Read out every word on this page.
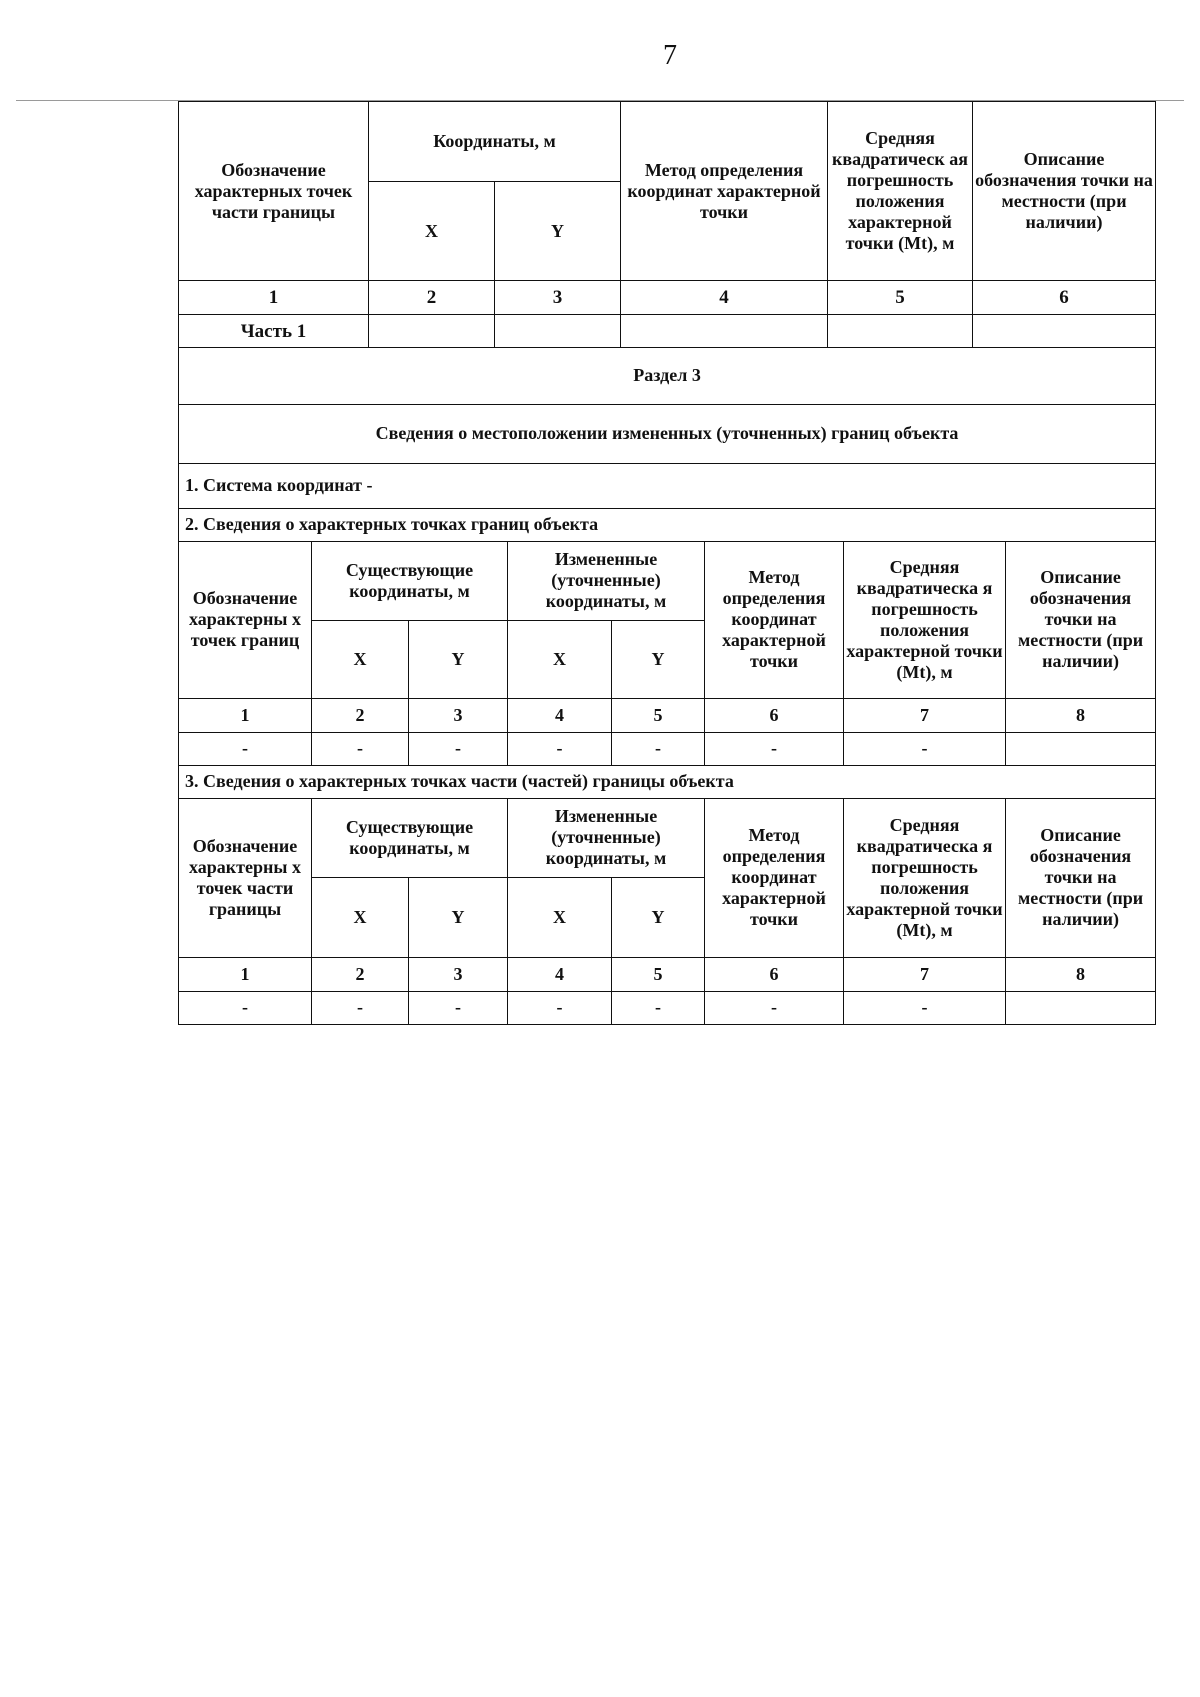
7
Обозначение характерных точек части границы	Координаты, м		Метод определения координат характерной точки	Средняя квадратическ ая погрешность положения характерной точки (Mt), м	Описание обозначения точки на местности (при наличии)
	X	Y			
1	2	3	4	5	6
Часть 1					
Раздел 3							
Сведения о местоположении измененных (уточненных) границ объекта							
1. Система координат -							
2. Сведения о характерных точках границ объекта							
Обозначение характерны х точек границ	Существующие координаты, м		Измененные (уточненные) координаты, м		Метод определения координат характерной точки	Средняя квадратическа я погрешность положения характерной точки (Mt), м	Описание обозначения точки на местности (при наличии)
	X	Y	X	Y			
1	2	3	4	5	6	7	8
-	-	-	-	-	-	-	
3. Сведения о характерных точках части (частей) границы объекта							
Обозначение характерны х точек части границы	Существующие координаты, м		Измененные (уточненные) координаты, м		Метод определения координат характерной точки	Средняя квадратическа я погрешность положения характерной точки (Mt), м	Описание обозначения точки на местности (при наличии)
	X	Y	X	Y			
1	2	3	4	5	6	7	8
-	-	-	-	-	-	-	
